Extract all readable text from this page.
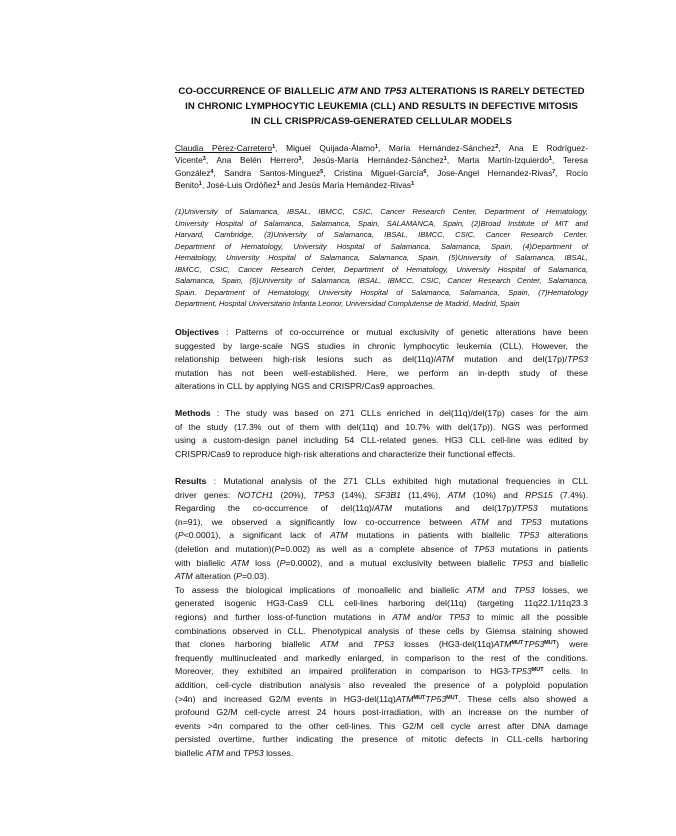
CO-OCCURRENCE OF BIALLELIC ATM AND TP53 ALTERATIONS IS RARELY DETECTED
IN CHRONIC LYMPHOCYTIC LEUKEMIA (CLL) AND RESULTS IN DEFECTIVE MITOSIS
IN CLL CRISPR/CAS9-GENERATED CELLULAR MODELS
Claudia Pérez-Carretero$^1$, Miguel Quijada-Álamo$^1$, María Hernández-Sánchez$^2$, Ana E Rodríguez-
Vicente$^3$, Ana Belén Herrero$^3$, Jesús-María Hernández-Sánchez$^1$, Marta Martín-Izquierdo$^1$, Teresa
González$^4$, Sandra Santos-Minguez$^5$, Cristina Miguel-García$^6$, Jose-Angel Hernandez-Rivas$^7$, Rocío
Benito$^1$, José-Luis Ordóñez$^1$ and Jesús María Hernández-Rivas$^1$
(1)University of Salamanca, IBSAL, IBMCC, CSIC, Cancer Research Center, Department of Hematology,
University Hospital of Salamanca, Salamanca, Spain, SALAMANCA, Spain, (2)Broad Institute of MIT and
Harvard, Cambridge, (3)University of Salamanca, IBSAL, IBMCC, CSIC, Cancer Research Center.
Department of Hematology, University Hospital of Salamanca, Salamanca, Spain, (4)Department of
Hematology, University Hospital of Salamanca, Salamanca, Spain, (5)University of Salamanca, IBSAL,
IBMCC, CSIC, Cancer Research Center, Department of Hematology, University Hospital of Salamanca,
Salamanca, Spain, (6)University of Salamanca, IBSAL, IBMCC, CSIC, Cancer Research Center, Salamanca,
Spain. Department of Hematology, University Hospital of Salamanca, Salamanca, Spain, (7)Hematology
Department, Hospital Universitario Infanta Leonor, Universidad Complutense de Madrid, Madrid, Spain
Objectives : Patterns of co-occurrence or mutual exclusivity of genetic alterations have been
suggested by large-scale NGS studies in chronic lymphocytic leukemia (CLL). However, the
relationship between high-risk lesions such as del(11q)/ATM mutation and del(17p)/TP53
mutation has not been well-established. Here, we perform an in-depth study of these
alterations in CLL by applying NGS and CRISPR/Cas9 approaches.
Methods : The study was based on 271 CLLs enriched in del(11q)/del(17p) cases for the aim
of the study (17.3% out of them with del(11q) and 10.7% with del(17p)). NGS was performed
using a custom-design panel including 54 CLL-related genes. HG3 CLL cell-line was edited by
CRISPR/Cas9 to reproduce high-risk alterations and characterize their functional effects.
Results : Mutational analysis of the 271 CLLs exhibited high mutational frequencies in CLL
driver genes: NOTCH1 (20%), TP53 (14%), SF3B1 (11.4%), ATM (10%) and RPS15 (7.4%).
Regarding the co-occurrence of del(11q)/ATM mutations and del(17p)/TP53 mutations
(n=91), we observed a significantly low co-occurrence between ATM and TP53 mutations
(P<0.0001), a significant lack of ATM mutations in patients with biallelic TP53 alterations
(deletion and mutation)(P=0.002) as well as a complete absence of TP53 mutations in patients
with biallelic ATM loss (P=0.0002), and a mutual exclusivity between biallelic TP53 and biallelic
ATM alteration (P=0.03).
To assess the biological implications of monoallelic and biallelic ATM and TP53 losses, we
generated isogenic HG3-Cas9 CLL cell-lines harboring del(11q) (targeting 11q22.1/11q23.3
regions) and further loss-of-function mutations in ATM and/or TP53 to mimic all the possible
combinations observed in CLL. Phenotypical analysis of these cells by Giemsa staining showed
that clones harboring biallelic ATM and TP53 losses $(HG3-del(11q)ATM^{MUT}TP53^{MUT})$ were
frequently multinucleated and markedly enlarged, in comparison to the rest of the conditions.
Moreover, they exhibited an impaired proliferation in comparison to $HG3-TP53^{MUT}$ cells. In
addition, cell-cycle distribution analysis also revealed the presence of a polyploid population
(>4n) and increased G2/M events in $HG3-del(11q)ATM^{MUT}TP53^{MUT}$. These cells also showed a
profound G2/M cell-cycle arrest 24 hours post-irradiation, with an increase on the number of
events >4n compared to the other cell-lines. This G2/M cell cycle arrest after DNA damage
persisted overtime, further indicating the presence of mitotic defects in CLL-cells harboring
biallelic ATM and TP53 losses.
